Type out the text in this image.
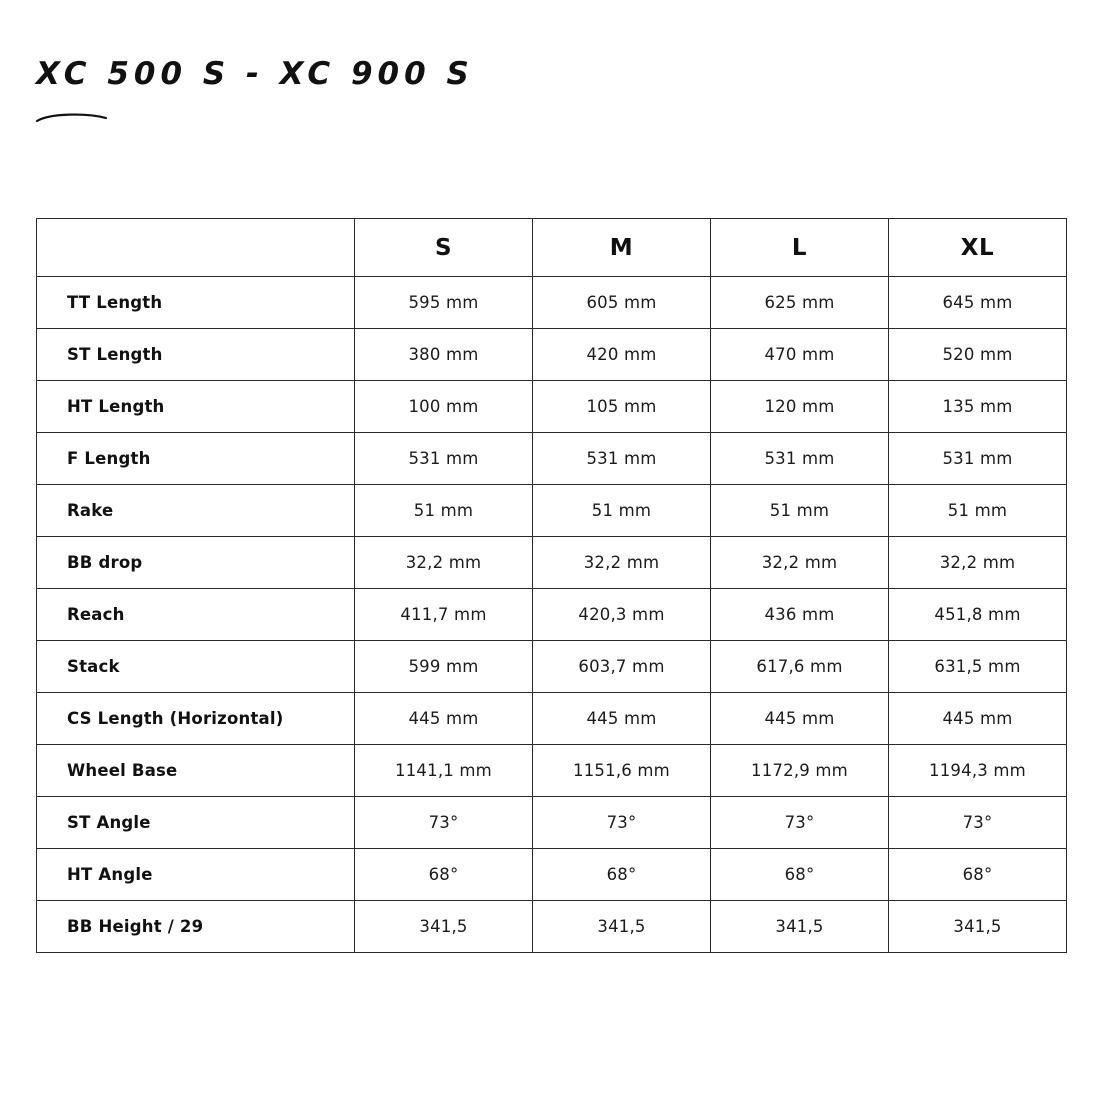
XC 500 S - XC 900 S
	S	M	L	XL
TT Length	595 mm	605 mm	625 mm	645 mm
ST Length	380 mm	420 mm	470 mm	520 mm
HT Length	100 mm	105 mm	120 mm	135 mm
F Length	531 mm	531 mm	531 mm	531 mm
Rake	51 mm	51 mm	51 mm	51 mm
BB drop	32,2 mm	32,2 mm	32,2 mm	32,2 mm
Reach	411,7 mm	420,3 mm	436 mm	451,8 mm
Stack	599 mm	603,7 mm	617,6 mm	631,5 mm
CS Length (Horizontal)	445 mm	445 mm	445 mm	445 mm
Wheel Base	1141,1 mm	1151,6 mm	1172,9 mm	1194,3 mm
ST Angle	73°	73°	73°	73°
HT Angle	68°	68°	68°	68°
BB Height / 29	341,5	341,5	341,5	341,5
